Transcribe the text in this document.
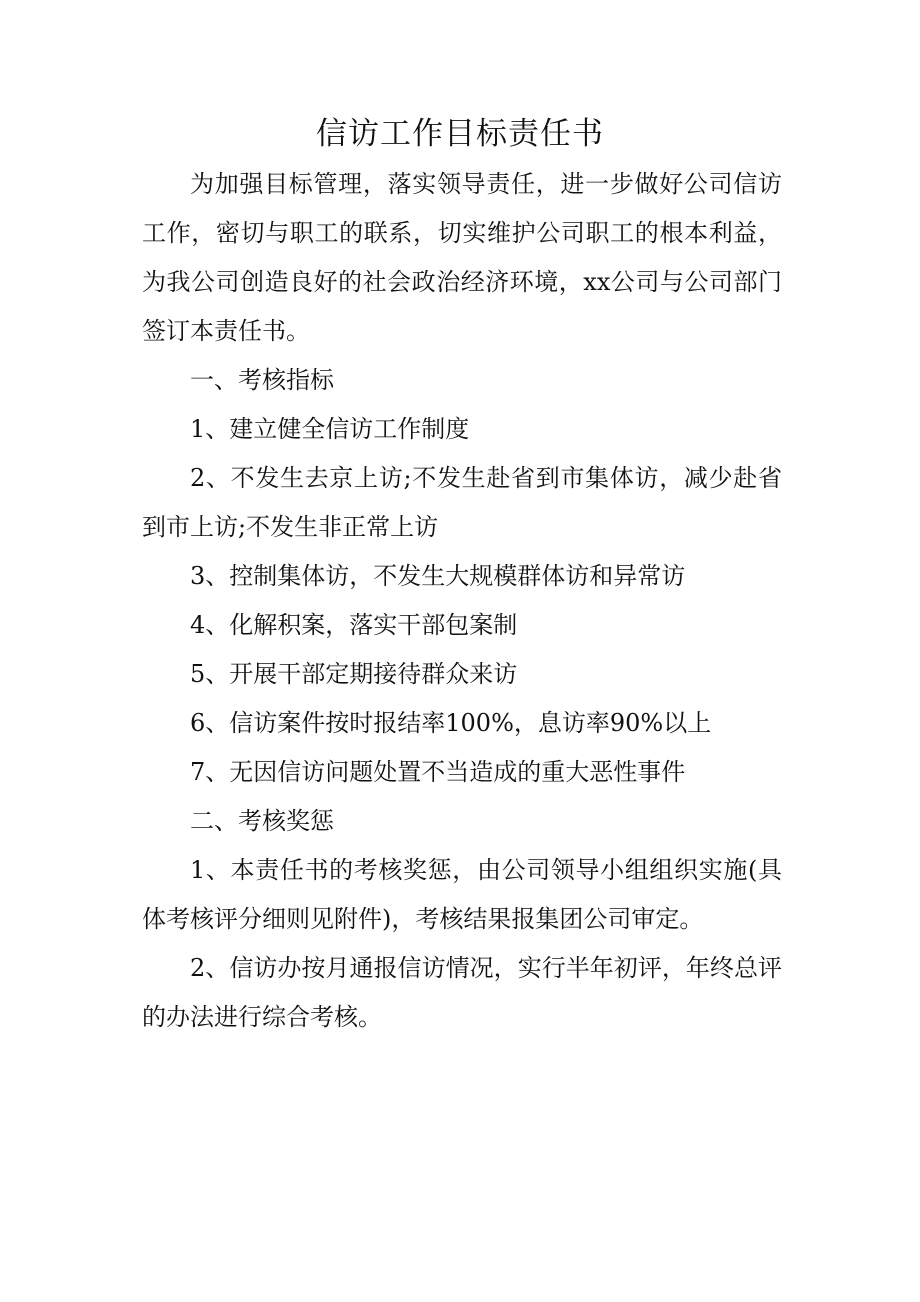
信访工作目标责任书

为加强目标管理，落实领导责任，进一步做好公司信访工作，密切与职工的联系，切实维护公司职工的根本利益，为我公司创造良好的社会政治经济环境，xx公司与公司部门签订本责任书。

一、考核指标

1、建立健全信访工作制度

2、不发生去京上访;不发生赴省到市集体访，减少赴省到市上访;不发生非正常上访

3、控制集体访，不发生大规模群体访和异常访

4、化解积案，落实干部包案制

5、开展干部定期接待群众来访

6、信访案件按时报结率100%，息访率90%以上

7、无因信访问题处置不当造成的重大恶性事件

二、考核奖惩

1、本责任书的考核奖惩，由公司领导小组组织实施(具体考核评分细则见附件)，考核结果报集团公司审定。

2、信访办按月通报信访情况，实行半年初评，年终总评的办法进行综合考核。
